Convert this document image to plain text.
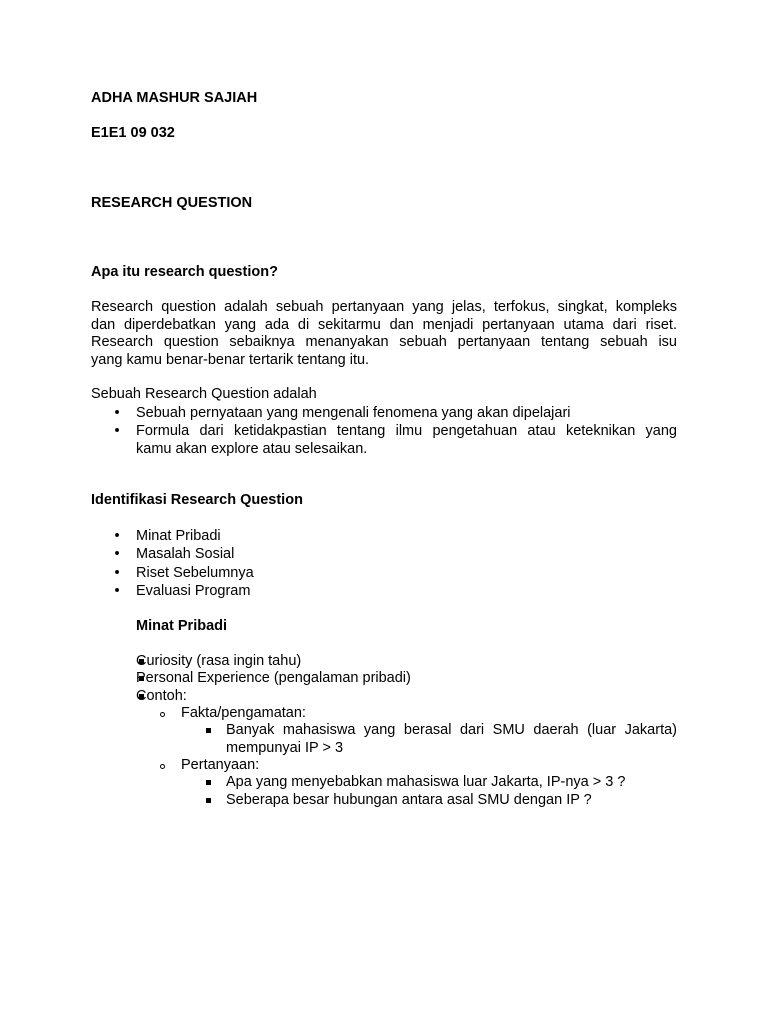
ADHA MASHUR SAJIAH
E1E1 09 032
RESEARCH QUESTION
Apa itu research question?
Research question adalah sebuah pertanyaan yang jelas, terfokus, singkat, kompleks
dan diperdebatkan yang ada di sekitarmu dan menjadi pertanyaan utama dari riset.
Research question sebaiknya menanyakan sebuah pertanyaan tentang sebuah isu
yang kamu benar-benar tertarik tentang itu.
Sebuah Research Question adalah
• Sebuah pernyataan yang mengenali fenomena yang akan dipelajari
• Formula dari ketidakpastian tentang ilmu pengetahuan atau keteknikan yang
kamu akan explore atau selesaikan.
Identifikasi Research Question
• Minat Pribadi
• Masalah Sosial
• Riset Sebelumnya
• Evaluasi Program
Minat Pribadi
Curiosity (rasa ingin tahu)
Personal Experience (pengalaman pribadi)
Contoh:
Fakta/pengamatan:
Banyak mahasiswa yang berasal dari SMU daerah (luar Jakarta)
mempunyai IP > 3
Pertanyaan:
Apa yang menyebabkan mahasiswa luar Jakarta, IP-nya > 3 ?
Seberapa besar hubungan antara asal SMU dengan IP ?
